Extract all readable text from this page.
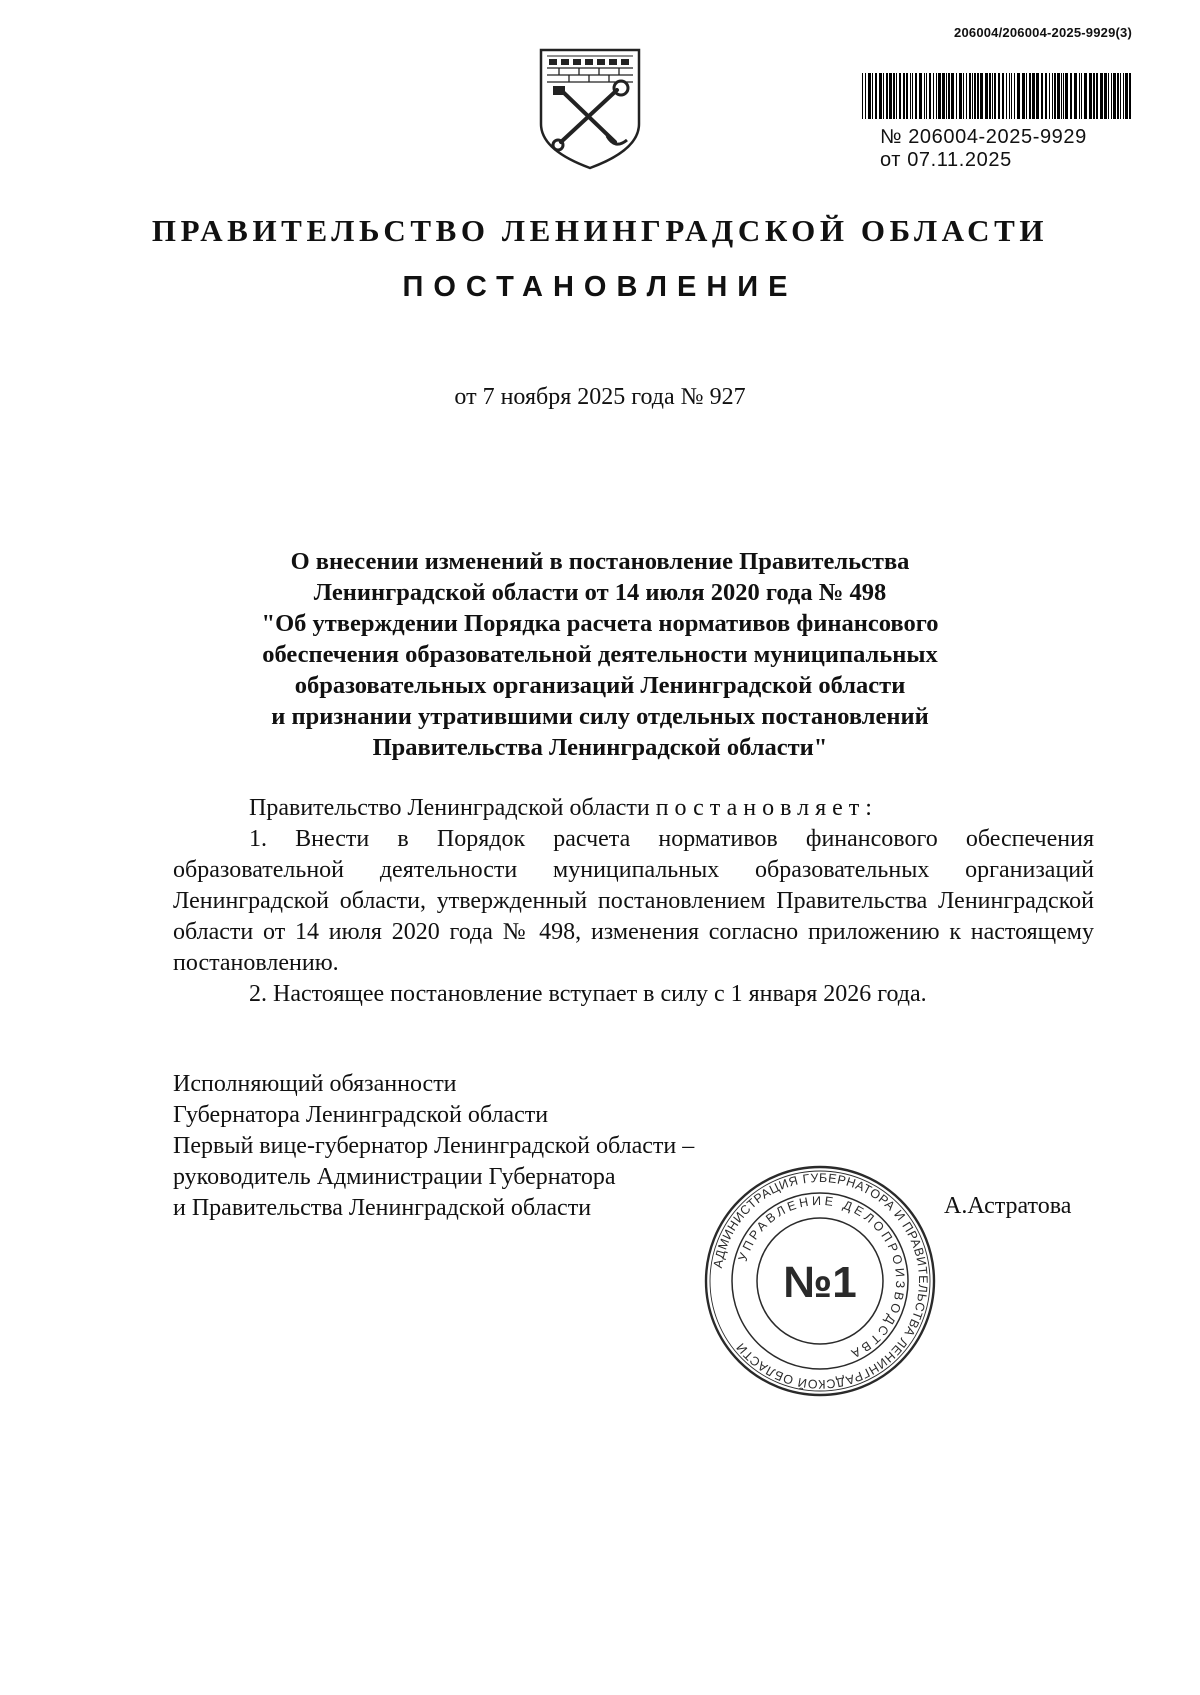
206004/206004-2025-9929(3)
№ 206004-2025-9929
от 07.11.2025
ПРАВИТЕЛЬСТВО ЛЕНИНГРАДСКОЙ ОБЛАСТИ
ПОСТАНОВЛЕНИЕ
от 7 ноября 2025 года № 927
О внесении изменений в постановление Правительства
Ленинградской области от 14 июля 2020 года № 498
"Об утверждении Порядка расчета нормативов финансового
обеспечения образовательной деятельности муниципальных
образовательных организаций Ленинградской области
и признании утратившими силу отдельных постановлений
Правительства Ленинградской области"
Правительство Ленинградской области постановляет:
1. Внести в Порядок расчета нормативов финансового обеспечения образовательной деятельности муниципальных образовательных организаций Ленинградской области, утвержденный постановлением Правительства Ленинградской области от 14 июля 2020 года № 498, изменения согласно приложению к настоящему постановлению.
2. Настоящее постановление вступает в силу с 1 января 2026 года.
Исполняющий обязанности
Губернатора Ленинградской области
Первый вице-губернатор Ленинградской области –
руководитель Администрации Губернатора
и Правительства Ленинградской области
АДМИНИСТРАЦИЯ ГУБЕРНАТОРА И ПРАВИТЕЛЬСТВА ЛЕНИНГРАДСКОЙ ОБЛАСТИ
УПРАВЛЕНИЕ ДЕЛОПРОИЗВОДСТВА
№1
А.Астратова
